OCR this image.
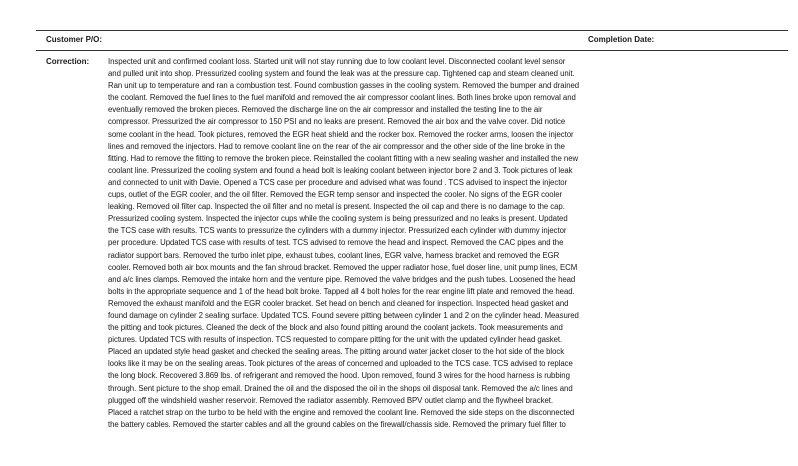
Customer P/O:	Completion Date:
Correction: Inspected unit and confirmed coolant loss. Started unit will not stay running due to low coolant level. Disconnected coolant level sensor
and pulled unit into shop. Pressurized cooling system and found the leak was at the pressure cap. Tightened cap and steam cleaned unit.
Ran unit up to temperature and ran a combustion test. Found combustion gasses in the cooling system. Removed the bumper and drained
the coolant. Removed the fuel lines to the fuel manifold and removed the air compressor coolant lines. Both lines broke upon removal and
eventually removed the broken pieces. Removed the discharge line on the air compressor and installed the testing line to the air
compressor. Pressurized the air compressor to 150 PSI and no leaks are present. Removed the air box and the valve cover. Did notice
some coolant in the head. Took pictures, removed the EGR heat shield and the rocker box. Removed the rocker arms, loosen the injector
lines and removed the injectors. Had to remove coolant line on the rear of the air compressor and the other side of the line broke in the
fitting. Had to remove the fitting to remove the broken piece. Reinstalled the coolant fitting with a new sealing washer and installed the new
coolant line. Pressurized the cooling system and found a head bolt is leaking coolant between injector bore 2 and 3. Took pictures of leak
and connected to unit with Davie. Opened a TCS case per procedure and advised what was found . TCS advised to inspect the injector
cups, outlet of the EGR cooler, and the oil filter. Removed the EGR temp sensor and inspected the cooler. No signs of the EGR cooler
leaking. Removed oil filter cap. Inspected the oil filter and no metal is present. Inspected the oil cap and there is no damage to the cap.
Pressurized cooling system. Inspected the injector cups while the cooling system is being pressurized and no leaks is present. Updated
the TCS case with results. TCS wants to pressurize the cylinders with a dummy injector. Pressurized each cylinder with dummy injector
per procedure. Updated TCS case with results of test. TCS advised to remove the head and inspect. Removed the CAC pipes and the
radiator support bars. Removed the turbo inlet pipe, exhaust tubes, coolant lines, EGR valve, harness bracket and removed the EGR
cooler. Removed both air box mounts and the fan shroud bracket. Removed the upper radiator hose, fuel doser line, unit pump lines, ECM
and a/c lines clamps. Removed the intake horn and the venture pipe. Removed the valve bridges and the push tubes. Loosened the head
bolts in the appropriate sequence and 1 of the head bolt broke. Tapped all 4 bolt holes for the rear engine lift plate and removed the head.
Removed the exhaust manifold and the EGR cooler bracket. Set head on bench and cleaned for inspection. Inspected head gasket and
found damage on cylinder 2 sealing surface. Updated TCS. Found severe pitting between cylinder 1 and 2 on the cylinder head. Measured
the pitting and took pictures. Cleaned the deck of the block and also found pitting around the coolant jackets. Took measurements and
pictures. Updated TCS with results of inspection. TCS requested to compare pitting for the unit with the updated cylinder head gasket.
Placed an updated style head gasket and checked the sealing areas. The pitting around water jacket closer to the hot side of the block
looks like it may be on the sealing areas. Took pictures of the areas of concerned and uploaded to the TCS case. TCS advised to replace
the long block. Recovered 3.869 lbs. of refrigerant and removed the hood. Upon removed, found 3 wires for the hood harness is rubbing
through. Sent picture to the shop email. Drained the oil and the disposed the oil in the shops oil disposal tank. Removed the a/c lines and
plugged off the windshield washer reservoir. Removed the radiator assembly. Removed BPV outlet clamp and the flywheel bracket.
Placed a ratchet strap on the turbo to be held with the engine and removed the coolant line. Removed the side steps on the disconnected
the battery cables. Removed the starter cables and all the ground cables on the firewall/chassis side. Removed the primary fuel filter to
